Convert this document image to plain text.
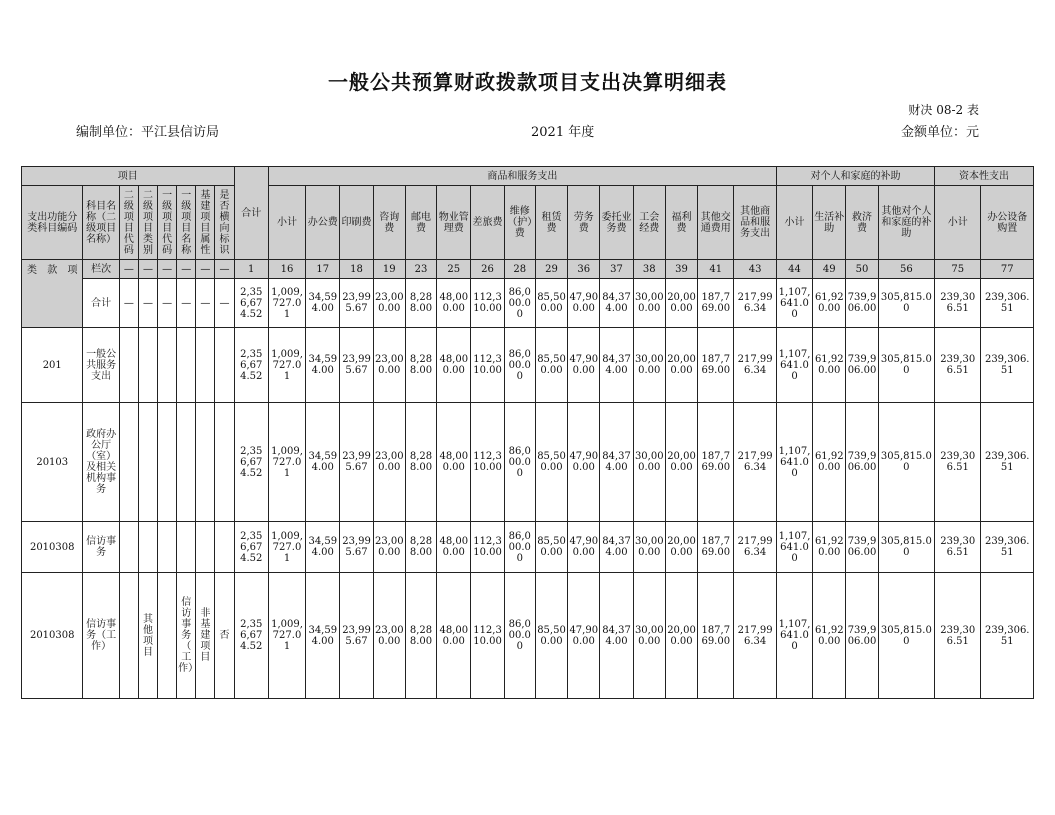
一般公共预算财政拨款项目支出决算明细表
财决 08-2 表
编制单位：平江县信访局	2021 年度	金额单位：元
项目								合计	商品和服务支出															对个人和家庭的补助				资本性支出	
支出功能分类科目编码	科目名称（二级项目名称）	二级项目代码	二级项目类别	一级项目代码	一级项目名称	基建项目属性	是否横向标识		小计	办公费	印刷费	咨询费	邮电费	物业管理费	差旅费	维修（护）费	租赁费	劳务费	委托业务费	工会经费	福利费	其他交通费用	其他商品和服务支出	小计	生活补助	救济费	其他对个人和家庭的补助	小计	办公设备购置

类 款 项	栏次	—	—	—	—	—	—	1	16	17	18	19	23	25	26	28	29	36	37	38	39	41	43	44	49	50	56	75	77
	合计	—	—	—	—	—	—	2,356,674.52	1,009,727.01	34,594.00	23,995.67	23,000.00	8,288.00	48,000.00	112,310.00	86,000.00	85,500.00	47,900.00	84,374.00	30,000.00	20,000.00	187,769.00	217,996.34	1,107,641.00	61,920.00	739,906.00	305,815.00	239,306.51	239,306.51
201	一般公共服务支出							2,356,674.52	1,009,727.01	34,594.00	23,995.67	23,000.00	8,288.00	48,000.00	112,310.00	86,000.00	85,500.00	47,900.00	84,374.00	30,000.00	20,000.00	187,769.00	217,996.34	1,107,641.00	61,920.00	739,906.00	305,815.00	239,306.51	239,306.51
20103	政府办公厅（室）及相关机构事务							2,356,674.52	1,009,727.01	34,594.00	23,995.67	23,000.00	8,288.00	48,000.00	112,310.00	86,000.00	85,500.00	47,900.00	84,374.00	30,000.00	20,000.00	187,769.00	217,996.34	1,107,641.00	61,920.00	739,906.00	305,815.00	239,306.51	239,306.51
2010308	信访事务							2,356,674.52	1,009,727.01	34,594.00	23,995.67	23,000.00	8,288.00	48,000.00	112,310.00	86,000.00	85,500.00	47,900.00	84,374.00	30,000.00	20,000.00	187,769.00	217,996.34	1,107,641.00	61,920.00	739,906.00	305,815.00	239,306.51	239,306.51
2010308	信访事务（工作）		其他项目		信访事务（工作）	非基建项目	否	2,356,674.52	1,009,727.01	34,594.00	23,995.67	23,000.00	8,288.00	48,000.00	112,310.00	86,000.00	85,500.00	47,900.00	84,374.00	30,000.00	20,000.00	187,769.00	217,996.34	1,107,641.00	61,920.00	739,906.00	305,815.00	239,306.51	239,306.51
